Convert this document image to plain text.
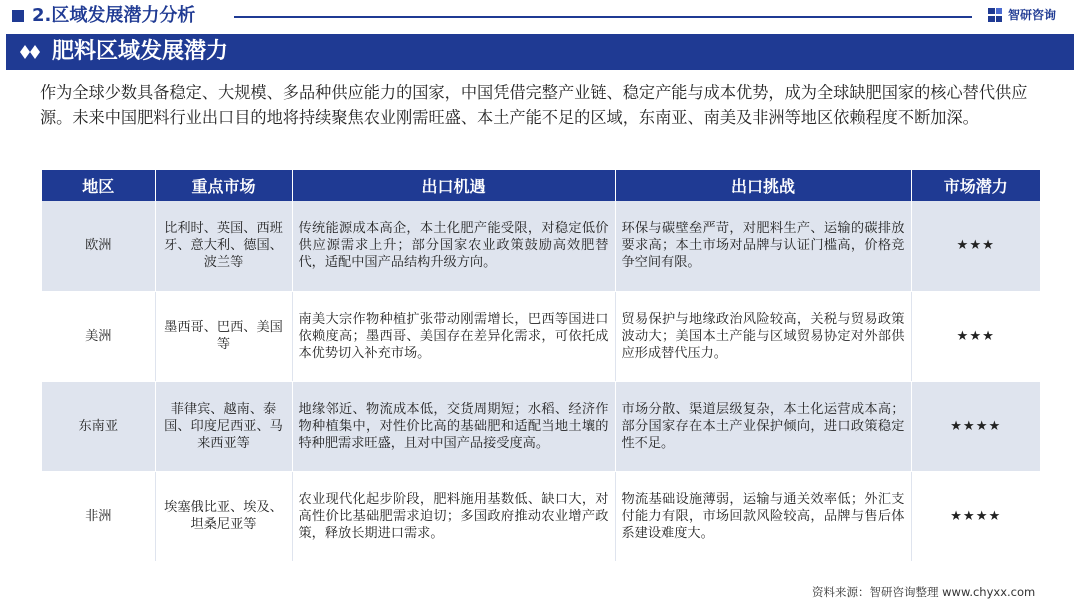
2.区域发展潜力分析	智研咨询
肥料区域发展潜力

作为全球少数具备稳定、大规模、多品种供应能力的国家，中国凭借完整产业链、稳定产能与成本优势，成为全球缺肥国家的核心替代供应源。未来中国肥料行业出口目的地将持续聚焦农业刚需旺盛、本土产能不足的区域，东南亚、南美及非洲等地区依赖程度不断加深。

地区	重点市场	出口机遇	出口挑战	市场潜力
欧洲	比利时、英国、西班牙、意大利、德国、波兰等	传统能源成本高企，本土化肥产能受限，对稳定低价供应源需求上升；部分国家农业政策鼓励高效肥替代，适配中国产品结构升级方向。	环保与碳壁垒严苛，对肥料生产、运输的碳排放要求高；本土市场对品牌与认证门槛高，价格竞争空间有限。	★★★
美洲	墨西哥、巴西、美国等	南美大宗作物种植扩张带动刚需增长，巴西等国进口依赖度高；墨西哥、美国存在差异化需求，可依托成本优势切入补充市场。	贸易保护与地缘政治风险较高，关税与贸易政策波动大；美国本土产能与区域贸易协定对外部供应形成替代压力。	★★★
东南亚	菲律宾、越南、泰国、印度尼西亚、马来西亚等	地缘邻近、物流成本低，交货周期短；水稻、经济作物种植集中，对性价比高的基础肥和适配当地土壤的特种肥需求旺盛，且对中国产品接受度高。	市场分散、渠道层级复杂，本土化运营成本高；部分国家存在本土产业保护倾向，进口政策稳定性不足。	★★★★
非洲	埃塞俄比亚、埃及、坦桑尼亚等	农业现代化起步阶段，肥料施用基数低、缺口大，对高性价比基础肥需求迫切；多国政府推动农业增产政策，释放长期进口需求。	物流基础设施薄弱，运输与通关效率低；外汇支付能力有限，市场回款风险较高，品牌与售后体系建设难度大。	★★★★
资料来源：智研咨询整理 www.chyxx.com
